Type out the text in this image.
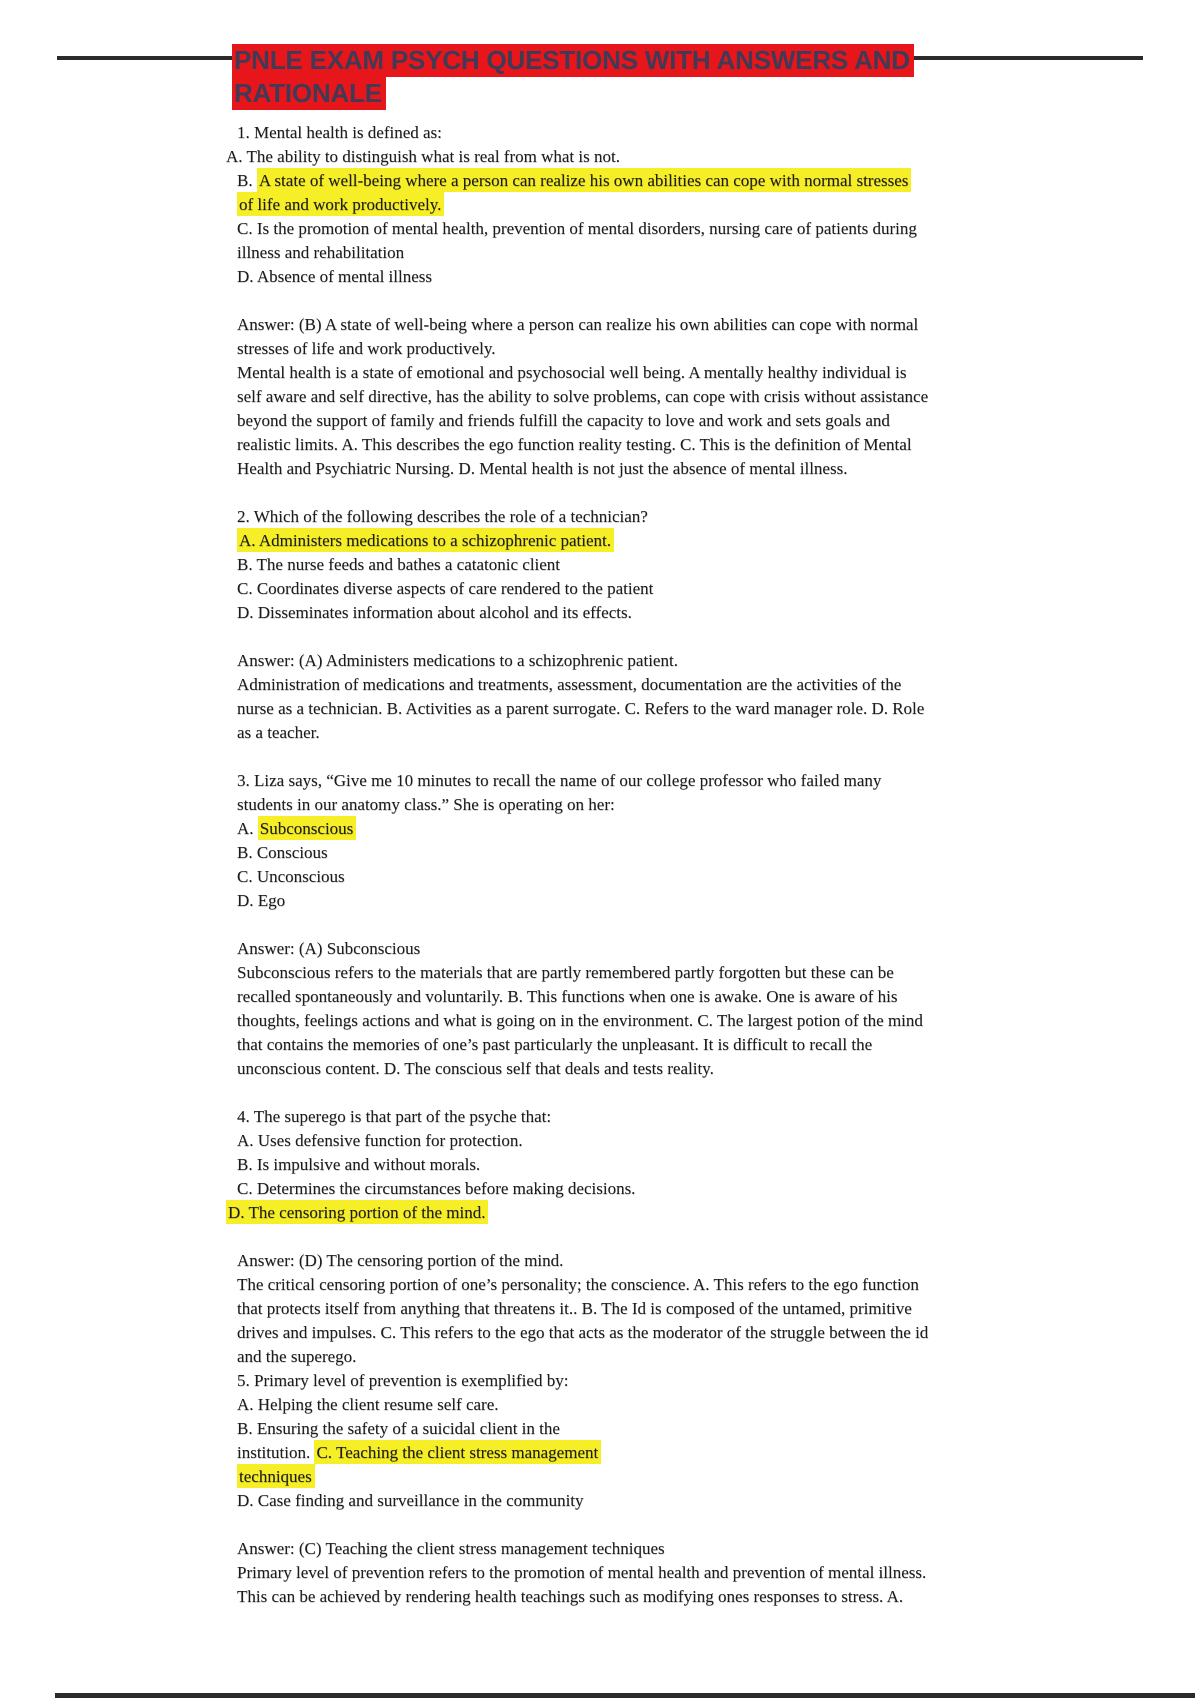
PNLE EXAM PSYCH QUESTIONS WITH ANSWERS AND
RATIONALE
1. Mental health is defined as:
A. The ability to distinguish what is real from what is not.
B. A state of well-being where a person can realize his own abilities can cope with normal stresses
of life and work productively.
C. Is the promotion of mental health, prevention of mental disorders, nursing care of patients during
illness and rehabilitation
D. Absence of mental illness
Answer: (B) A state of well-being where a person can realize his own abilities can cope with normal
stresses of life and work productively.
Mental health is a state of emotional and psychosocial well being. A mentally healthy individual is
self aware and self directive, has the ability to solve problems, can cope with crisis without assistance
beyond the support of family and friends fulfill the capacity to love and work and sets goals and
realistic limits. A. This describes the ego function reality testing. C. This is the definition of Mental
Health and Psychiatric Nursing. D. Mental health is not just the absence of mental illness.
2. Which of the following describes the role of a technician?
A. Administers medications to a schizophrenic patient.
B. The nurse feeds and bathes a catatonic client
C. Coordinates diverse aspects of care rendered to the patient
D. Disseminates information about alcohol and its effects.
Answer: (A) Administers medications to a schizophrenic patient.
Administration of medications and treatments, assessment, documentation are the activities of the
nurse as a technician. B. Activities as a parent surrogate. C. Refers to the ward manager role. D. Role
as a teacher.
3. Liza says, “Give me 10 minutes to recall the name of our college professor who failed many
students in our anatomy class.” She is operating on her:
A. Subconscious
B. Conscious
C. Unconscious
D. Ego
Answer: (A) Subconscious
Subconscious refers to the materials that are partly remembered partly forgotten but these can be
recalled spontaneously and voluntarily. B. This functions when one is awake. One is aware of his
thoughts, feelings actions and what is going on in the environment. C. The largest potion of the mind
that contains the memories of one’s past particularly the unpleasant. It is difficult to recall the
unconscious content. D. The conscious self that deals and tests reality.
4. The superego is that part of the psyche that:
A. Uses defensive function for protection.
B. Is impulsive and without morals.
C. Determines the circumstances before making decisions.
D. The censoring portion of the mind.
Answer: (D) The censoring portion of the mind.
The critical censoring portion of one’s personality; the conscience. A. This refers to the ego function
that protects itself from anything that threatens it.. B. The Id is composed of the untamed, primitive
drives and impulses. C. This refers to the ego that acts as the moderator of the struggle between the id
and the superego.
5. Primary level of prevention is exemplified by:
A. Helping the client resume self care.
B. Ensuring the safety of a suicidal client in the
institution. C. Teaching the client stress management
techniques
D. Case finding and surveillance in the community
Answer: (C) Teaching the client stress management techniques
Primary level of prevention refers to the promotion of mental health and prevention of mental illness.
This can be achieved by rendering health teachings such as modifying ones responses to stress. A.
